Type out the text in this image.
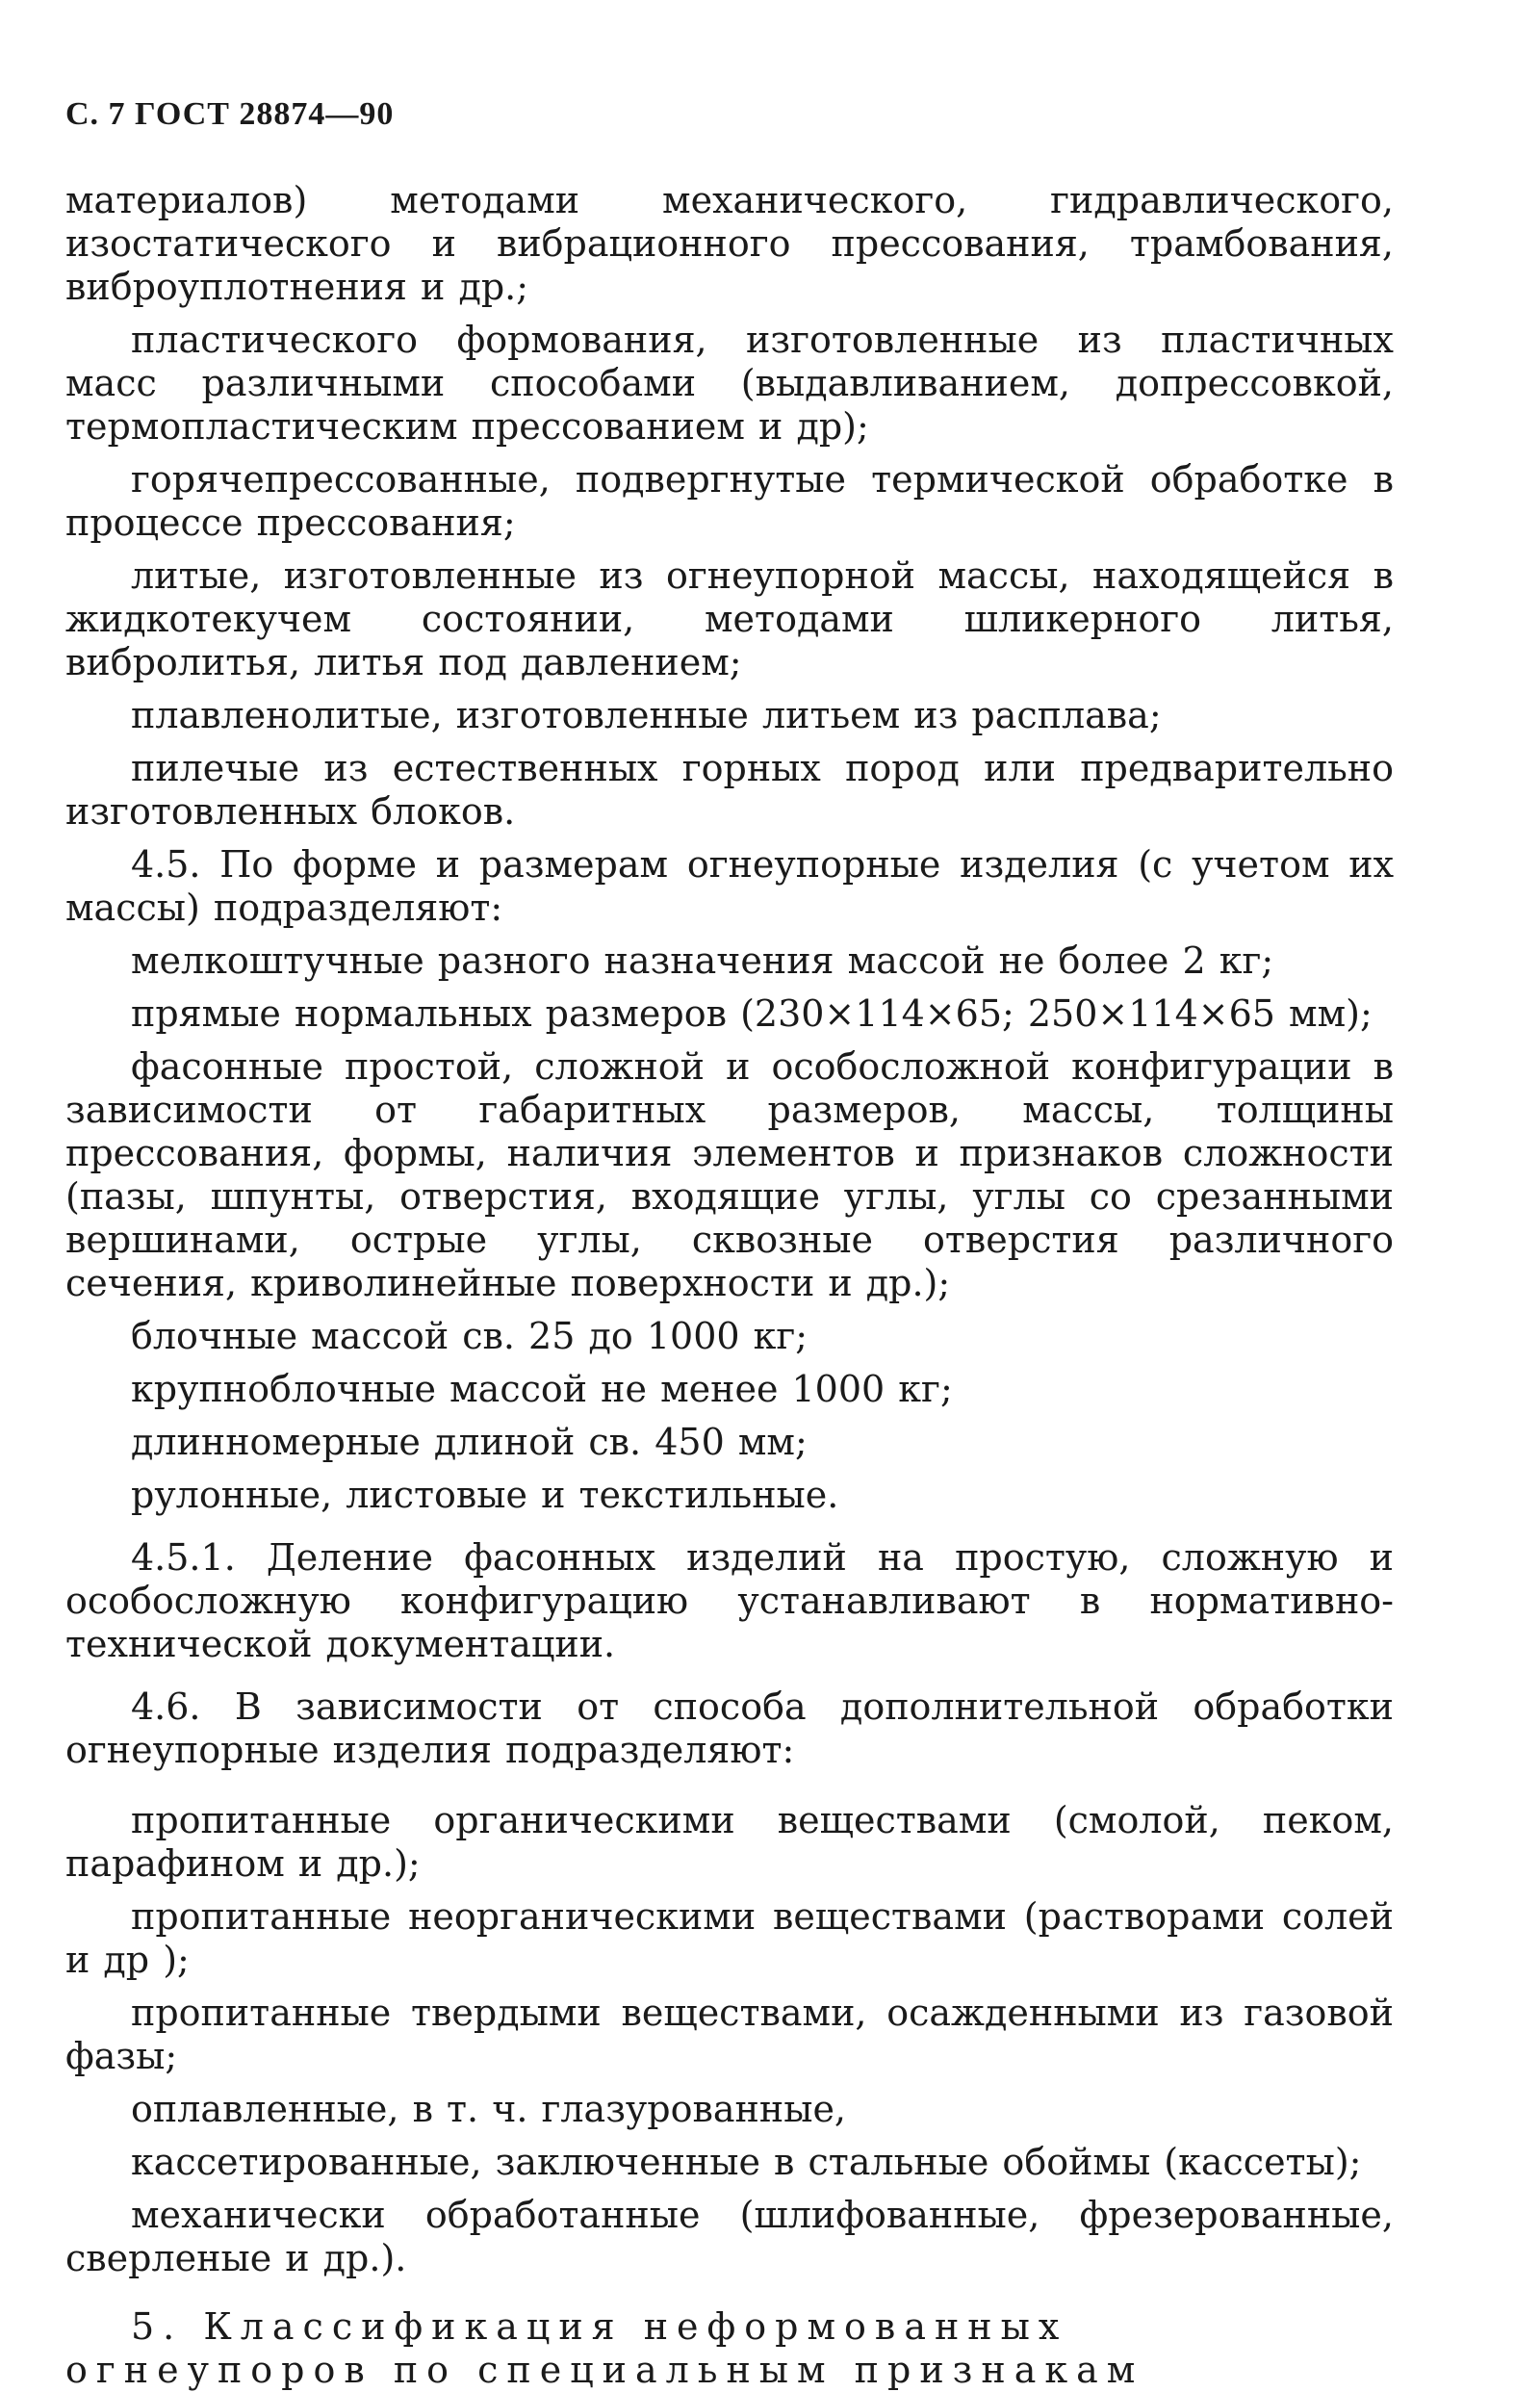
С. 7 ГОСТ 28874—90

материалов) методами механического, гидравлического, изостатического и вибрационного прессования, трамбования, виброуплотнения и др.;

пластического формования, изготовленные из пластичных масс различными способами (выдавливанием, допрессовкой, термопластическим прессованием и др);

горячепрессованные, подвергнутые термической обработке в процессе прессования;

литые, изготовленные из огнеупорной массы, находящейся в жидкотекучем состоянии, методами шликерного литья, вибролитья, литья под давлением;

плавленолитые, изготовленные литьем из расплава;

пилечые из естественных горных пород или предварительно изготовленных блоков.

4.5. По форме и размерам огнеупорные изделия (с учетом их массы) подразделяют:

мелкоштучные разного назначения массой не более 2 кг;

прямые нормальных размеров (230×114×65; 250×114×65 мм);

фасонные простой, сложной и особосложной конфигурации в зависимости от габаритных размеров, массы, толщины прессования, формы, наличия элементов и признаков сложности (пазы, шпунты, отверстия, входящие углы, углы со срезанными вершинами, острые углы, сквозные отверстия различного сечения, криволинейные поверхности и др.);

блочные массой св. 25 до 1000 кг;

крупноблочные массой не менее 1000 кг;

длинномерные длиной св. 450 мм;

рулонные, листовые и текстильные.

4.5.1. Деление фасонных изделий на простую, сложную и особосложную конфигурацию устанавливают в нормативно-технической документации.

4.6. В зависимости от способа дополнительной обработки огнеупорные изделия подразделяют:

пропитанные органическими веществами (смолой, пеком, парафином и др.);

пропитанные неорганическими веществами (растворами солей и др );

пропитанные твердыми веществами, осажденными из газовой фазы;

оплавленные, в т. ч. глазурованные,

кассетированные, заключенные в стальные обоймы (кассеты);

механически обработанные (шлифованные, фрезерованные, сверленые и др.).

5. Классификация неформованных огнеупоров по специальным признакам
